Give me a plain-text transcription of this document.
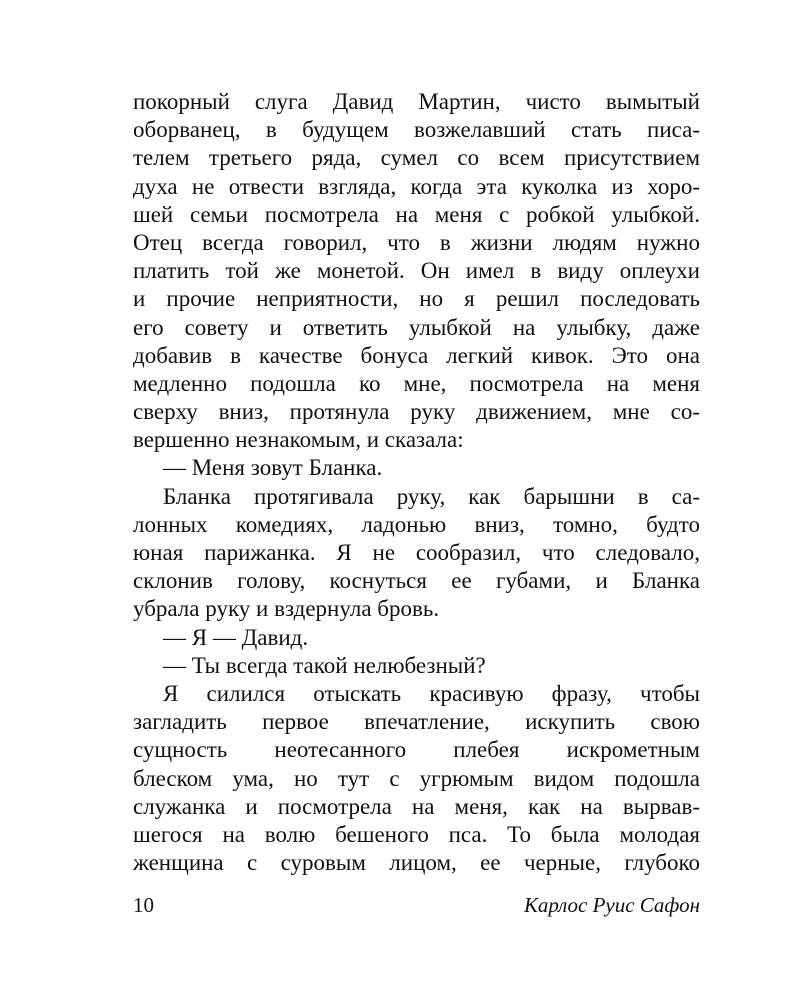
покорный слуга Давид Мартин, чисто вымытый
оборванец, в будущем возжелавший стать писа-
телем третьего ряда, сумел со всем присутствием
духа не отвести взгляда, когда эта куколка из хоро-
шей семьи посмотрела на меня с робкой улыбкой.
Отец всегда говорил, что в жизни людям нужно
платить той же монетой. Он имел в виду оплеухи
и прочие неприятности, но я решил последовать
его совету и ответить улыбкой на улыбку, даже
добавив в качестве бонуса легкий кивок. Это она
медленно подошла ко мне, посмотрела на меня
сверху вниз, протянула руку движением, мне со-
вершенно незнакомым, и сказала:
— Меня зовут Бланка.
Бланка протягивала руку, как барышни в са-
лонных комедиях, ладонью вниз, томно, будто
юная парижанка. Я не сообразил, что следовало,
склонив голову, коснуться ее губами, и Бланка
убрала руку и вздернула бровь.
— Я — Давид.
— Ты всегда такой нелюбезный?
Я силился отыскать красивую фразу, чтобы
загладить первое впечатление, искупить свою
сущность неотесанного плебея искрометным
блеском ума, но тут с угрюмым видом подошла
служанка и посмотрела на меня, как на вырвав-
шегося на волю бешеного пса. То была молодая
женщина с суровым лицом, ее черные, глубоко
10	Карлос Руис Сафон
